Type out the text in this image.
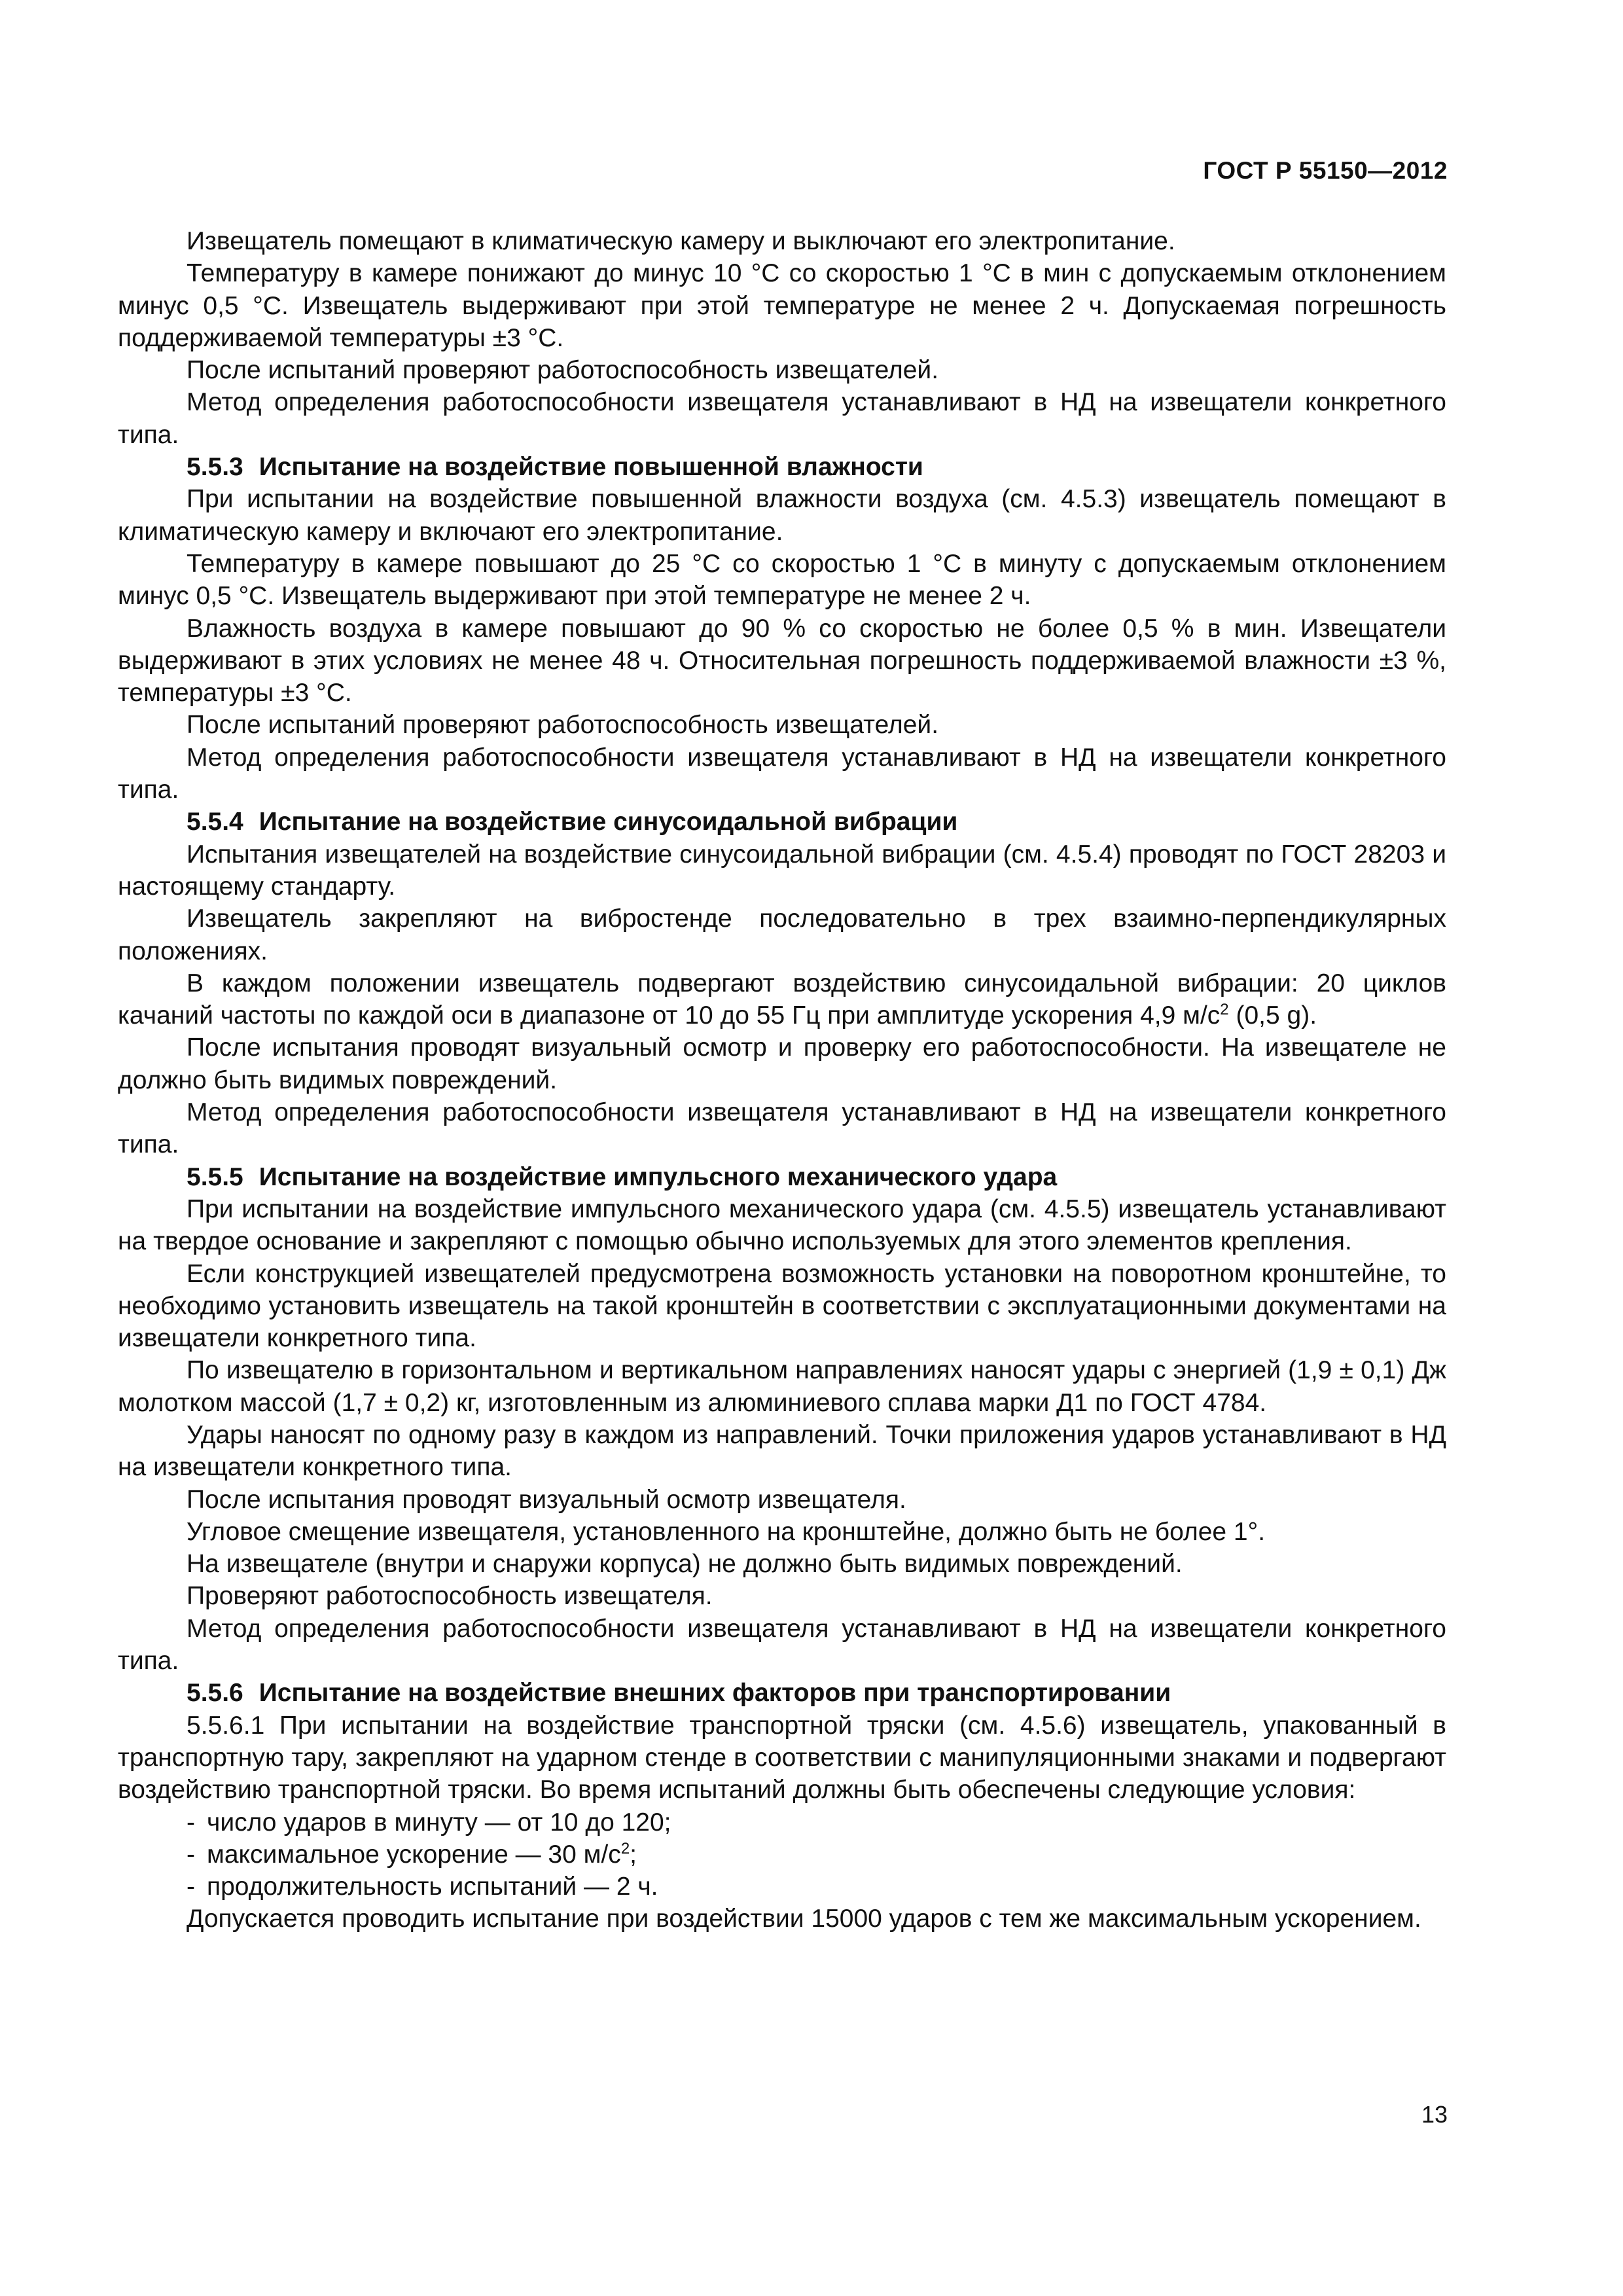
ГОСТ Р 55150—2012

Извещатель помещают в климатическую камеру и выключают его электропитание.

Температуру в камере понижают до минус 10 °С со скоростью 1 °С в мин с допускаемым отклонением минус 0,5 °С. Извещатель выдерживают при этой температуре не менее 2 ч. Допускаемая погрешность поддерживаемой температуры ±3 °С.

После испытаний проверяют работоспособность извещателей.

Метод определения работоспособности извещателя устанавливают в НД на извещатели конкретного типа.

5.5.3 Испытание на воздействие повышенной влажности

При испытании на воздействие повышенной влажности воздуха (см. 4.5.3) извещатель помещают в климатическую камеру и включают его электропитание.

Температуру в камере повышают до 25 °С со скоростью 1 °С в минуту с допускаемым отклонением минус 0,5 °С. Извещатель выдерживают при этой температуре не менее 2 ч.

Влажность воздуха в камере повышают до 90 % со скоростью не более 0,5 % в мин. Извещатели выдерживают в этих условиях не менее 48 ч. Относительная погрешность поддерживаемой влажности ±3 %, температуры ±3 °С.

После испытаний проверяют работоспособность извещателей.

Метод определения работоспособности извещателя устанавливают в НД на извещатели конкретного типа.

5.5.4 Испытание на воздействие синусоидальной вибрации

Испытания извещателей на воздействие синусоидальной вибрации (см. 4.5.4) проводят по ГОСТ 28203 и настоящему стандарту.

Извещатель закрепляют на вибростенде последовательно в трех взаимно-перпендикулярных положениях.

В каждом положении извещатель подвергают воздействию синусоидальной вибрации: 20 циклов качаний частоты по каждой оси в диапазоне от 10 до 55 Гц при амплитуде ускорения 4,9 $м/с^2$ (0,5 g).

После испытания проводят визуальный осмотр и проверку его работоспособности. На извещателе не должно быть видимых повреждений.

Метод определения работоспособности извещателя устанавливают в НД на извещатели конкретного типа.

5.5.5 Испытание на воздействие импульсного механического удара

При испытании на воздействие импульсного механического удара (см. 4.5.5) извещатель устанавливают на твердое основание и закрепляют с помощью обычно используемых для этого элементов крепления.

Если конструкцией извещателей предусмотрена возможность установки на поворотном кронштейне, то необходимо установить извещатель на такой кронштейн в соответствии с эксплуатационными документами на извещатели конкретного типа.

По извещателю в горизонтальном и вертикальном направлениях наносят удары с энергией (1,9 ± 0,1) Дж молотком массой (1,7 ± 0,2) кг, изготовленным из алюминиевого сплава марки Д1 по ГОСТ 4784.

Удары наносят по одному разу в каждом из направлений. Точки приложения ударов устанавливают в НД на извещатели конкретного типа.

После испытания проводят визуальный осмотр извещателя.

Угловое смещение извещателя, установленного на кронштейне, должно быть не более 1°.

На извещателе (внутри и снаружи корпуса) не должно быть видимых повреждений.

Проверяют работоспособность извещателя.

Метод определения работоспособности извещателя устанавливают в НД на извещатели конкретного типа.

5.5.6 Испытание на воздействие внешних факторов при транспортировании

5.5.6.1 При испытании на воздействие транспортной тряски (см. 4.5.6) извещатель, упакованный в транспортную тару, закрепляют на ударном стенде в соответствии с манипуляционными знаками и подвергают воздействию транспортной тряски. Во время испытаний должны быть обеспечены следующие условия:

- число ударов в минуту — от 10 до 120;
- максимальное ускорение — 30 $м/с^2$;
- продолжительность испытаний — 2 ч.

Допускается проводить испытание при воздействии 15000 ударов с тем же максимальным ускорением.

13
